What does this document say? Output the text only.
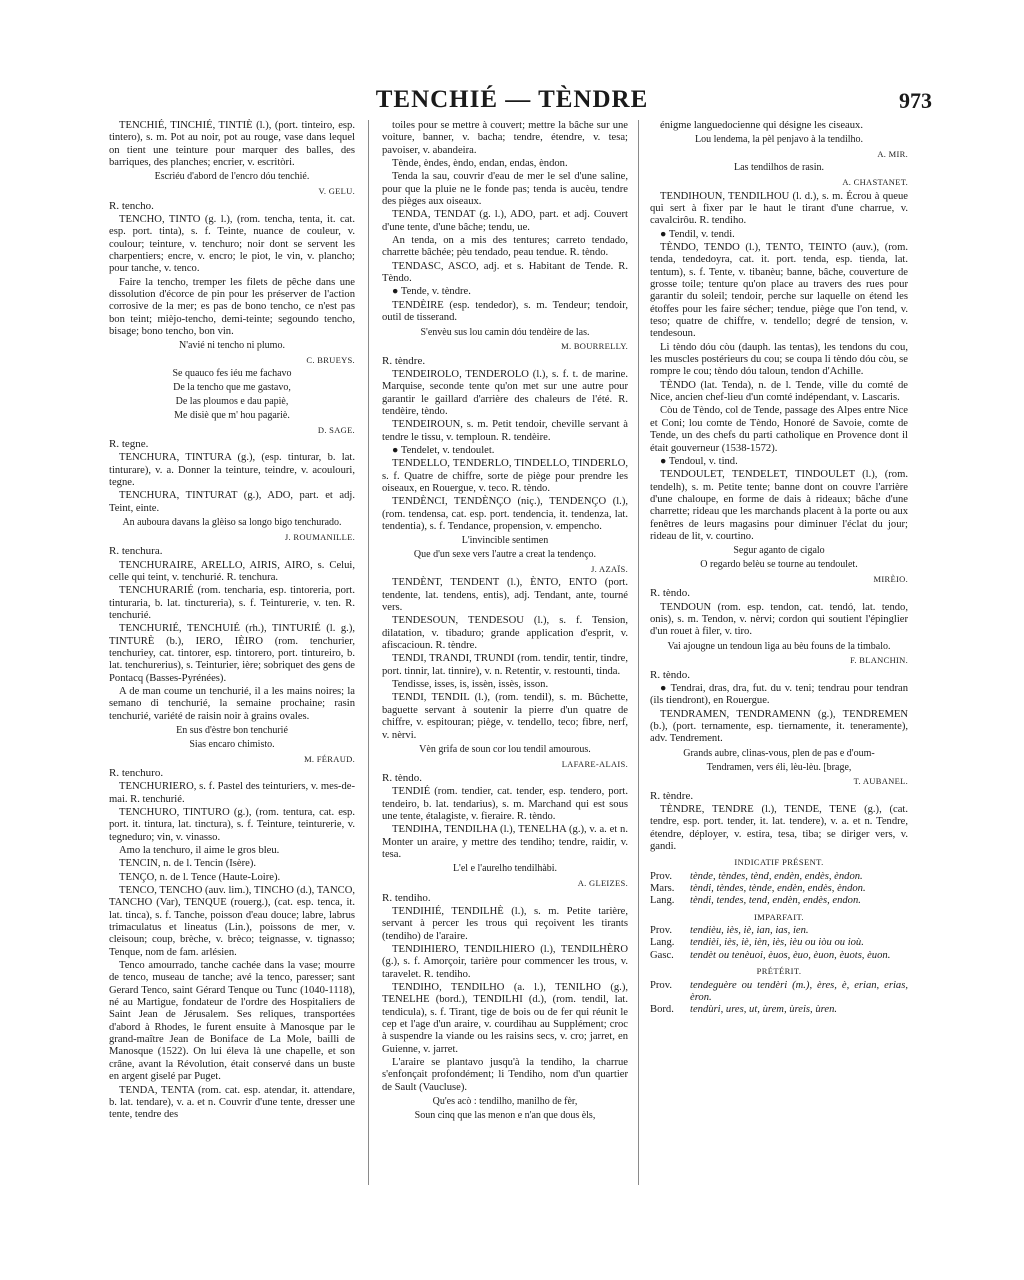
TENCHIÉ — TÈNDRE	973
TENCHIÉ, TINCHIÉ, TINTIÈ (l.), (port. tinteiro, esp. tintero), s. m. Pot au noir, pot au rouge, vase dans lequel on tient une teinture pour marquer des balles, des barriques, des planches; encrier, v. escritòri.
Escriéu d'abord de l'encro dóu tenchié.
V. GELU.
R. tencho.
TENCHO, TINTO (g. l.), (rom. tencha, tenta, it. cat. esp. port. tinta), s. f. Teinte, nuance de couleur, v. coulour; teinture, v. tenchuro; noir dont se servent les charpentiers; encre, v. encro; le piot, le vin, v. plancho; pour tanche, v. tenco.
Faire la tencho, tremper les filets de pêche dans une dissolution d'écorce de pin pour les préserver de l'action corrosive de la mer; es pas de bono tencho, ce n'est pas bon teint; mièjo-tencho, demi-teinte; segoundo tencho, bisage; bono tencho, bon vin.
N'avié ni tencho ni plumo.
C. BRUEYS.
Se quauco fes iéu me fachavo
De la tencho que me gastavo,
De las ploumos e dau papiè,
Me disiè que m' hou pagariè.
D. SAGE.
R. tegne.
TENCHURA, TINTURA (g.), (esp. tinturar, b. lat. tinturare), v. a. Donner la teinture, teindre, v. acoulouri, tegne.
TENCHURA, TINTURAT (g.), ADO, part. et adj. Teint, einte.
An auboura davans la glèiso sa longo bigo tenchurado.
J. ROUMANILLE.
R. tenchura.
TENCHURAIRE, ARELLO, AIRIS, AIRO, s. Celui, celle qui teint, v. tenchurié. R. tenchura.
TENCHURARIÉ (rom. tencharia, esp. tintoreria, port. tinturaria, b. lat. tinctureria), s. f. Teinturerie, v. ten. R. tenchurié.
TENCHURIÉ, TENCHUIÉ (rh.), TINTURIÉ (l. g.), TINTURÈ (b.), IERO, IÈIRO (rom. tenchurier, tenchuriey, cat. tintorer, esp. tintorero, port. tintureiro, b. lat. tenchurerius), s. Teinturier, ière; sobriquet des gens de Pontacq (Basses-Pyrénées).
A de man coume un tenchurié, il a les mains noires; la semano di tenchurié, la semaine prochaine; rasin tenchurié, variété de raisin noir à grains ovales.
En sus d'èstre bon tenchurié
Sias encaro chimisto.
M. FÉRAUD.
R. tenchuro.
TENCHURIERO, s. f. Pastel des teinturiers, v. mes-de-mai. R. tenchurié.
TENCHURO, TINTURO (g.), (rom. tentura, cat. esp. port. it. tintura, lat. tinctura), s. f. Teinture, teinturerie, v. tegneduro; vin, v. vinasso.
Amo la tenchuro, il aime le gros bleu.
TENCIN, n. de l. Tencin (Isère).
TENÇO, n. de l. Tence (Haute-Loire).
TENCO, TENCHO (auv. lim.), TINCHO (d.), TANCO, TANCHO (Var), TENQUE (rouerg.), (cat. esp. tenca, it. lat. tinca), s. f. Tanche, poisson d'eau douce; labre, labrus trimaculatus et lineatus (Lin.), poissons de mer, v. cleisoun; coup, brèche, v. brèco; teignasse, v. tignasso; Tenque, nom de fam. arlésien.
Tenco amourrado, tanche cachée dans la vase; mourre de tenco, museau de tanche; avé la tenco, paresser; sant Gerard Tenco, saint Gérard Tenque ou Tunc (1040-1118), né au Martigue, fondateur de l'ordre des Hospitaliers de Saint Jean de Jérusalem. Ses reliques, transportées d'abord à Rhodes, le furent ensuite à Manosque par le grand-maître Jean de Boniface de La Mole, bailli de Manosque (1522). On lui éleva là une chapelle, et son crâne, avant la Révolution, était conservé dans un buste en argent giselé par Puget.
TENDA, TENTA (rom. cat. esp. atendar, it. attendare, b. lat. tendare), v. a. et n. Couvrir d'une tente, dresser une tente, tendre des
toiles pour se mettre à couvert; mettre la bâche sur une voiture, banner, v. bacha; tendre, étendre, v. tesa; pavoiser, v. abandeira.
Tènde, èndes, èndo, endan, endas, èndon.
Tenda la sau, couvrir d'eau de mer le sel d'une saline, pour que la pluie ne le fonde pas; tenda is aucèu, tendre des pièges aux oiseaux.
TENDA, TENDAT (g. l.), ADO, part. et adj. Couvert d'une tente, d'une bâche; tendu, ue.
An tenda, on a mis des tentures; carreto tendado, charrette bâchée; pèu tendado, peau tendue. R. tèndo.
TENDASC, ASCO, adj. et s. Habitant de Tende. R. Tèndo.
● Tende, v. tèndre.
TENDÈIRE (esp. tendedor), s. m. Tendeur; tendoir, outil de tisserand.
S'envèu sus lou camin dóu tendèire de las.
M. BOURRELLY.
R. tèndre.
TENDEIROLO, TENDEROLO (l.), s. f. t. de marine. Marquise, seconde tente qu'on met sur une autre pour garantir le gaillard d'arrière des chaleurs de l'été. R. tendèire, tèndo.
TENDEIROUN, s. m. Petit tendoir, cheville servant à tendre le tissu, v. temploun. R. tendèire.
● Tendelet, v. tendoulet.
TENDELLO, TENDERLO, TINDELLO, TINDERLO, s. f. Quatre de chiffre, sorte de piège pour prendre les oiseaux, en Rouergue, v. teco. R. tèndo.
TENDÈNCI, TENDÈNÇO (niç.), TENDENÇO (l.), (rom. tendensa, cat. esp. port. tendencia, it. tendenza, lat. tendentia), s. f. Tendance, propension, v. empencho.
L'invincible sentimen
Que d'un sexe vers l'autre a creat la tendenço.
J. AZAÏS.
TENDÈNT, TENDENT (l.), ÈNTO, ENTO (port. tendente, lat. tendens, entis), adj. Tendant, ante, tourné vers.
TENDESOUN, TENDESOU (l.), s. f. Tension, dilatation, v. tibaduro; grande application d'esprit, v. afiscacioun. R. tèndre.
TENDI, TRANDI, TRUNDI (rom. tendir, tentir, tindre, port. tinnir, lat. tinnire), v. n. Retentir, v. restounti, tinda.
Tendisse, isses, is, issèn, issès, isson.
TENDI, TENDIL (l.), (rom. tendil), s. m. Bûchette, baguette servant à soutenir la pierre d'un quatre de chiffre, v. espitouran; piège, v. tendello, teco; fibre, nerf, v. nèrvi.
Vèn grifa de soun cor lou tendil amourous.
LAFARE-ALAIS.
R. tèndo.
TENDIÉ (rom. tendier, cat. tender, esp. tendero, port. tendeiro, b. lat. tendarius), s. m. Marchand qui est sous une tente, étalagiste, v. fieraire. R. tèndo.
TENDIHA, TENDILHA (l.), TENELHA (g.), v. a. et n. Monter un araire, y mettre des tendiho; tendre, raidir, v. tesa.
L'el e l'aurelho tendilhàbi.
A. GLEIZES.
R. tendiho.
TENDIHIÉ, TENDILHÈ (l.), s. m. Petite tarière, servant à percer les trous qui reçoivent les tirants (tendiho) de l'araire.
TENDIHIERO, TENDILHIERO (l.), TENDILHÈRO (g.), s. f. Amorçoir, tarière pour commencer les trous, v. taravelet. R. tendiho.
TENDIHO, TENDILHO (a. l.), TENILHO (g.), TENELHE (bord.), TENDILHI (d.), (rom. tendil, lat. tendicula), s. f. Tirant, tige de bois ou de fer qui réunit le cep et l'age d'un araire, v. courdihau au Supplément; croc à suspendre la viande ou les raisins secs, v. cro; jarret, en Guienne, v. jarret.
L'araire se plantavo jusqu'à la tendiho, la charrue s'enfonçait profondément; li Tendiho, nom d'un quartier de Sault (Vaucluse).
Qu'es acò : tendilho, manilho de fèr,
Soun cinq que las menon e n'an que dous èls,
énigme languedocienne qui désigne les ciseaux.
Lou lendema, la pèl penjavo à la tendilho.
A. MIR.
Las tendilhos de rasin.
A. CHASTANET.
TENDIHOUN, TENDILHOU (l. d.), s. m. Écrou à queue qui sert à fixer par le haut le tirant d'une charrue, v. cavalcirôu. R. tendiho.
● Tendil, v. tendi.
TÈNDO, TENDO (l.), TENTO, TEINTO (auv.), (rom. tenda, tendedoyra, cat. it. port. tenda, esp. tienda, lat. tentum), s. f. Tente, v. tibanèu; banne, bâche, couverture de grosse toile; tenture qu'on place au travers des rues pour garantir du soleil; tendoir, perche sur laquelle on étend les étoffes pour les faire sécher; tendue, piège que l'on tend, v. teso; quatre de chiffre, v. tendello; degré de tension, v. tendesoun.
Li tèndo dóu còu (dauph. las tentas), les tendons du cou, les muscles postérieurs du cou; se coupa li tèndo dóu còu, se rompre le cou; tèndo dóu taloun, tendon d'Achille.
TÈNDO (lat. Tenda), n. de l. Tende, ville du comté de Nice, ancien chef-lieu d'un comté indépendant, v. Lascaris.
Còu de Tèndo, col de Tende, passage des Alpes entre Nice et Coni; lou comte de Tèndo, Honoré de Savoie, comte de Tende, un des chefs du parti catholique en Provence dont il était gouverneur (1538-1572).
● Tendoul, v. tind.
TENDOULET, TENDELET, TINDOULET (l.), (rom. tendelh), s. m. Petite tente; banne dont on couvre l'arrière d'une chaloupe, en forme de dais à rideaux; bâche d'une charrette; rideau que les marchands placent à la porte ou aux fenêtres de leurs magasins pour diminuer l'éclat du jour; rideau de lit, v. courtino.
Segur aganto de cigalo
O regardo belèu se tourne au tendoulet.
MIRÈIO.
R. tèndo.
TENDOUN (rom. esp. tendon, cat. tendó, lat. tendo, onis), s. m. Tendon, v. nèrvi; cordon qui soutient l'épinglier d'un rouet à filer, v. tiro.
Vai ajougne un tendoun liga au bèu founs de la timbalo.
F. BLANCHIN.
R. tèndo.
● Tendrai, dras, dra, fut. du v. teni; tendrau pour tendran (ils tiendront), en Rouergue.
TENDRAMEN, TENDRAMENN (g.), TENDREMEN (b.), (port. ternamente, esp. tiernamente, it. teneramente), adv. Tendrement.
Grands aubre, clinas-vous, plen de pas e d'oum-
Tendramen, vers éli, lèu-lèu. [brage,
T. AUBANEL.
R. tèndre.
TÈNDRE, TENDRE (l.), TENDE, TENE (g.), (cat. tendre, esp. port. tender, it. lat. tendere), v. a. et n. Tendre, étendre, déployer, v. estira, tesa, tiba; se diriger vers, v. gandi.
INDICATIF PRÉSENT.
Prov.	tènde, tèndes, tènd, endèn, endès, èndon.
Mars.	tèndi, tèndes, tènde, endèn, endès, èndon.
Lang.	tèndi, tendes, tend, endèn, endès, endon.
IMPARFAIT.
Prov.	tendièu, iès, iè, ian, ias, ien.
Lang.	tendièi, iès, iè, ièn, iès, ièu ou iòu ou ioù.
Gasc.	tendèt ou tenèuoi, èuos, èuo, èuon, èuots, èuon.
PRÉTÉRIT.
Prov.	tendeguère ou tendèri (m.), ères, è, erian, erias, èron.
Bord.	tendùri, ures, ut, ùrem, ùreis, ùren.
